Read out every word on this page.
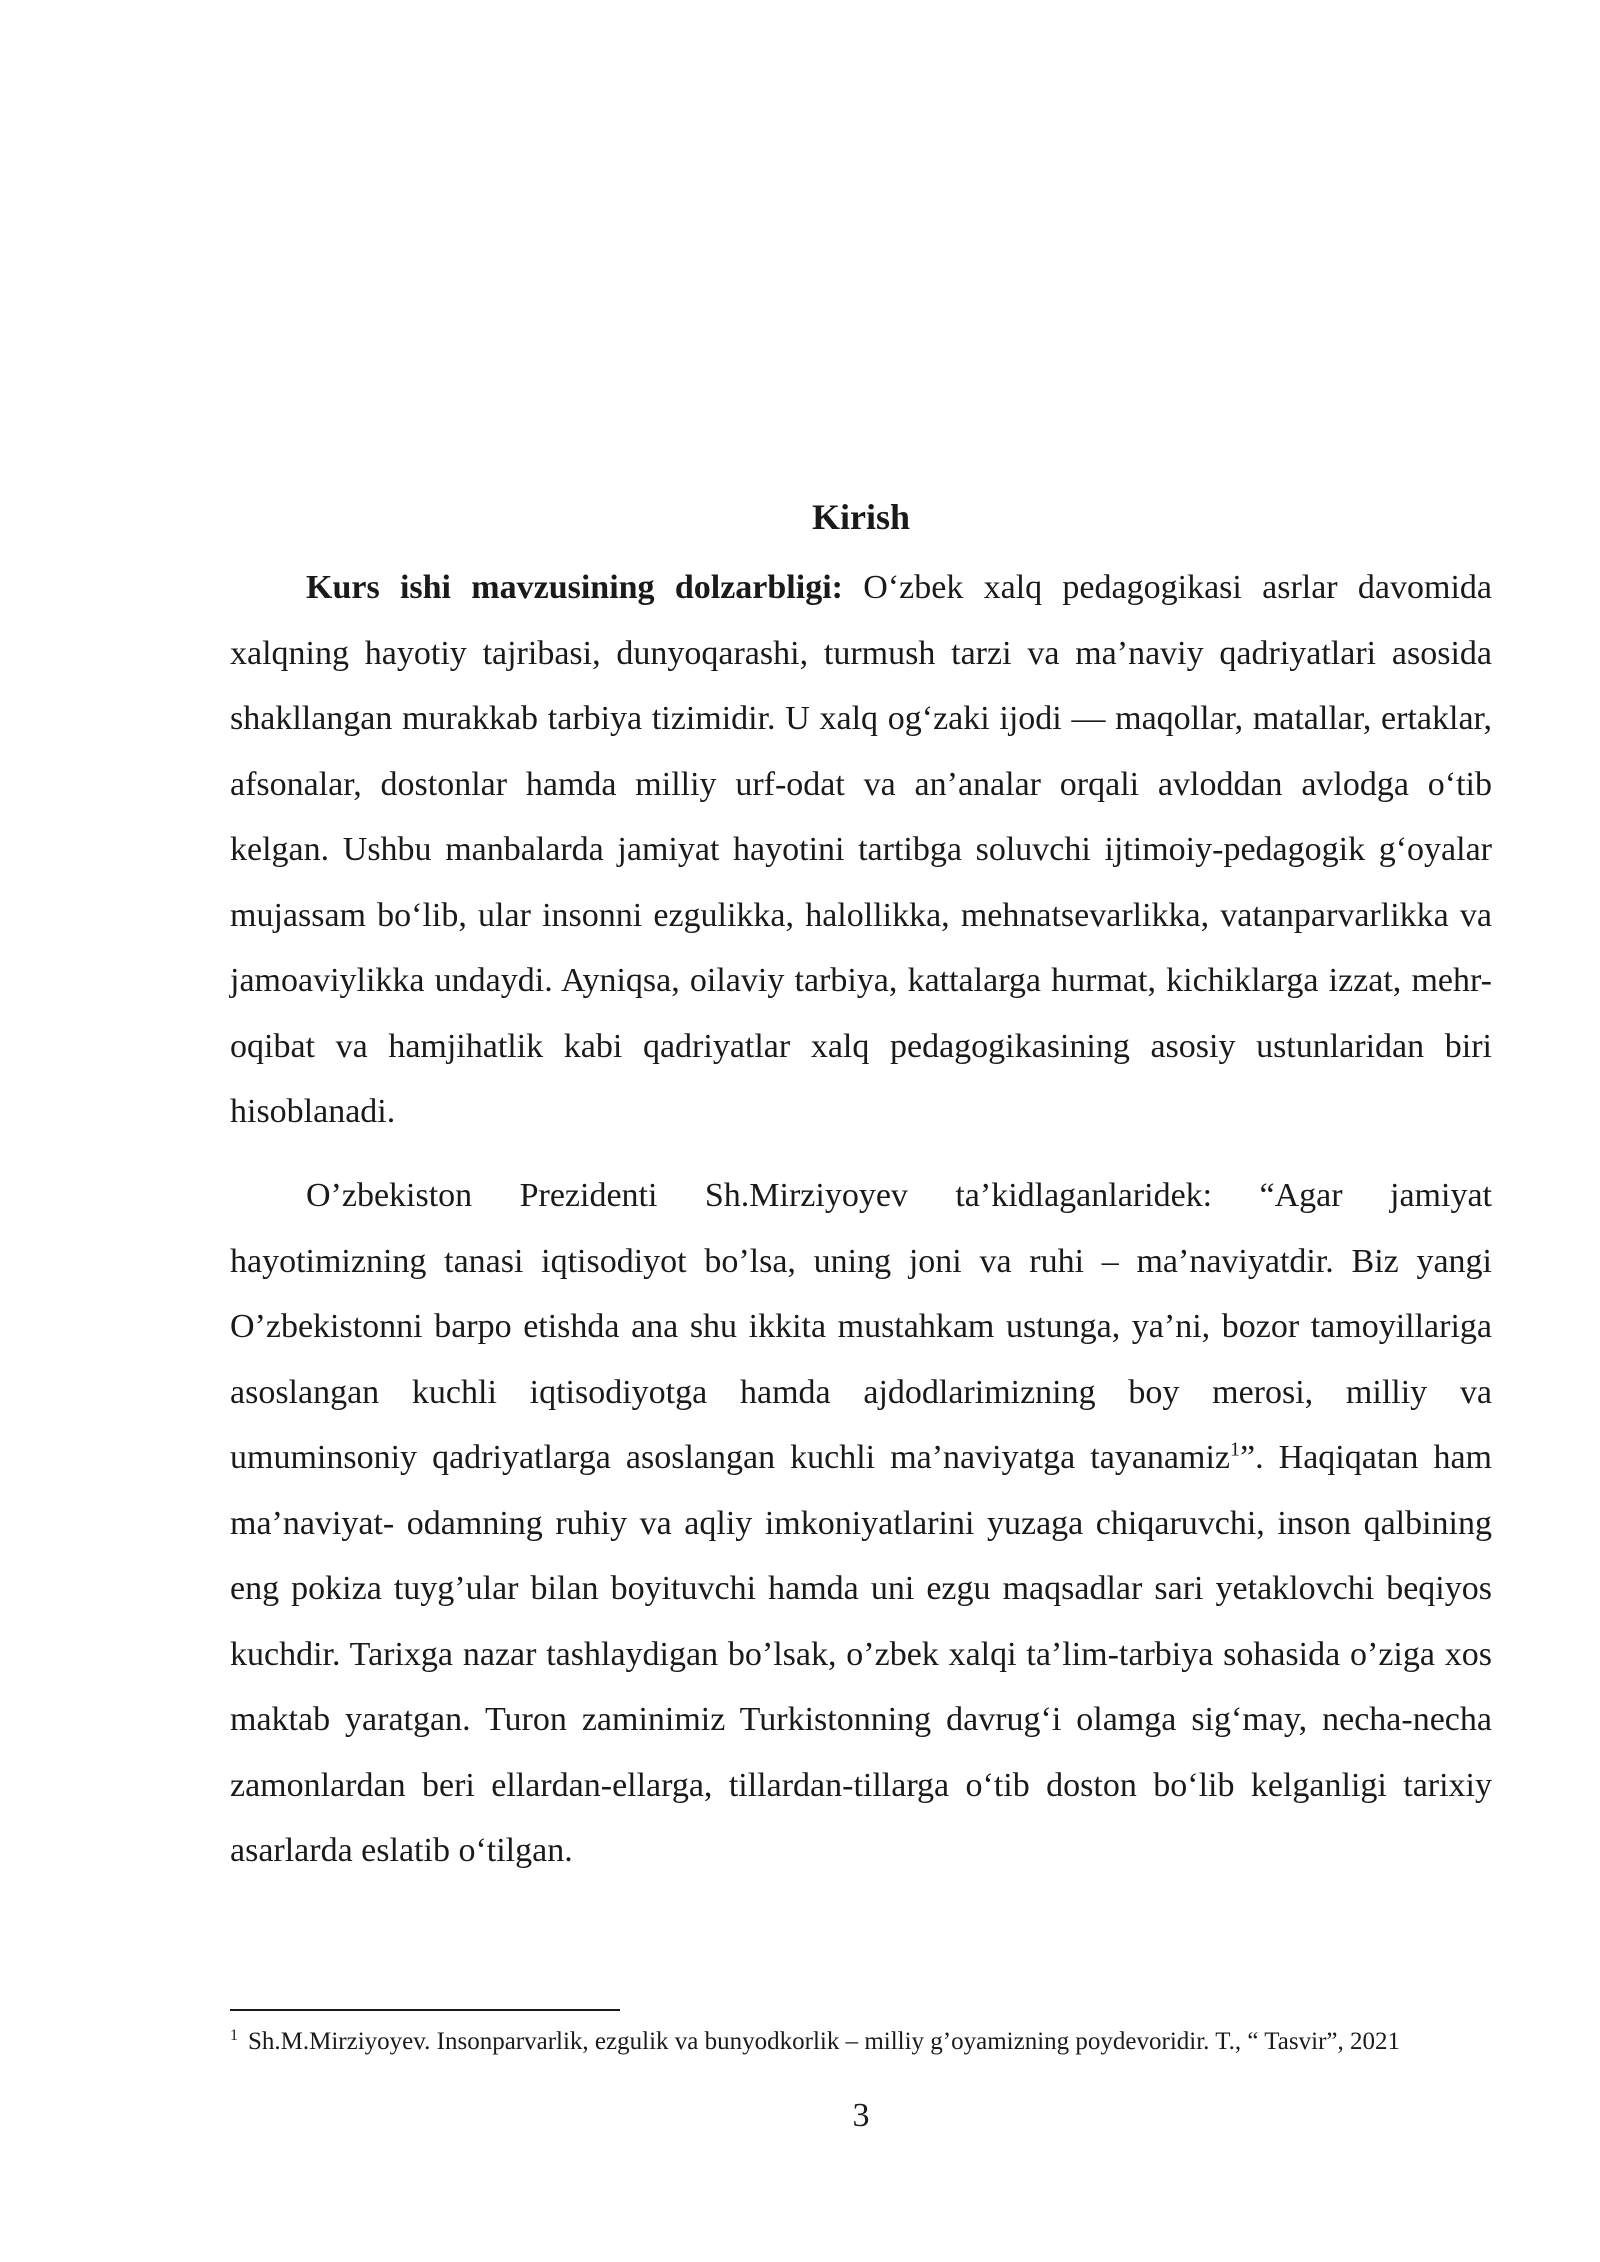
Kirish

Kurs ishi mavzusining dolzarbligi: O‘zbek xalq pedagogikasi asrlar davomida xalqning hayotiy tajribasi, dunyoqarashi, turmush tarzi va ma’naviy qadriyatlari asosida shakllangan murakkab tarbiya tizimidir. U xalq og‘zaki ijodi — maqollar, matallar, ertaklar, afsonalar, dostonlar hamda milliy urf-odat va an’analar orqali avloddan avlodga o‘tib kelgan. Ushbu manbalarda jamiyat hayotini tartibga soluvchi ijtimoiy-pedagogik g‘oyalar mujassam bo‘lib, ular insonni ezgulikka, halollikka, mehnatsevarlikka, vatanparvarlikka va jamoaviylikka undaydi. Ayniqsa, oilaviy tarbiya, kattalarga hurmat, kichiklarga izzat, mehr-oqibat va hamjihatlik kabi qadriyatlar xalq pedagogikasining asosiy ustunlaridan biri hisoblanadi.

O’zbekiston Prezidenti Sh.Mirziyoyev ta’kidlaganlaridek: “Agar jamiyat hayotimizning tanasi iqtisodiyot bo’lsa, uning joni va ruhi – ma’naviyatdir. Biz yangi O’zbekistonni barpo etishda ana shu ikkita mustahkam ustunga, ya’ni, bozor tamoyillariga asoslangan kuchli iqtisodiyotga hamda ajdodlarimizning boy merosi, milliy va umuminsoniy qadriyatlarga asoslangan kuchli ma’naviyatga tayanamiz$^1$”. Haqiqatan ham ma’naviyat- odamning ruhiy va aqliy imkoniyatlarini yuzaga chiqaruvchi, inson qalbining eng pokiza tuyg’ular bilan boyituvchi hamda uni ezgu maqsadlar sari yetaklovchi beqiyos kuchdir. Tarixga nazar tashlaydigan bo’lsak, o’zbek xalqi ta’lim-tarbiya sohasida o’ziga xos maktab yaratgan. Turon zaminimiz Turkistonning davrug‘i olamga sig‘may, necha-necha zamonlardan beri ellardan-ellarga, tillardan-tillarga o‘tib doston bo‘lib kelganligi tarixiy asarlarda eslatib o‘tilgan.

$^1$ Sh.M.Mirziyoyev. Insonparvarlik, ezgulik va bunyodkorlik – milliy g’oyamizning poydevoridir. T., “ Tasvir”, 2021

3
